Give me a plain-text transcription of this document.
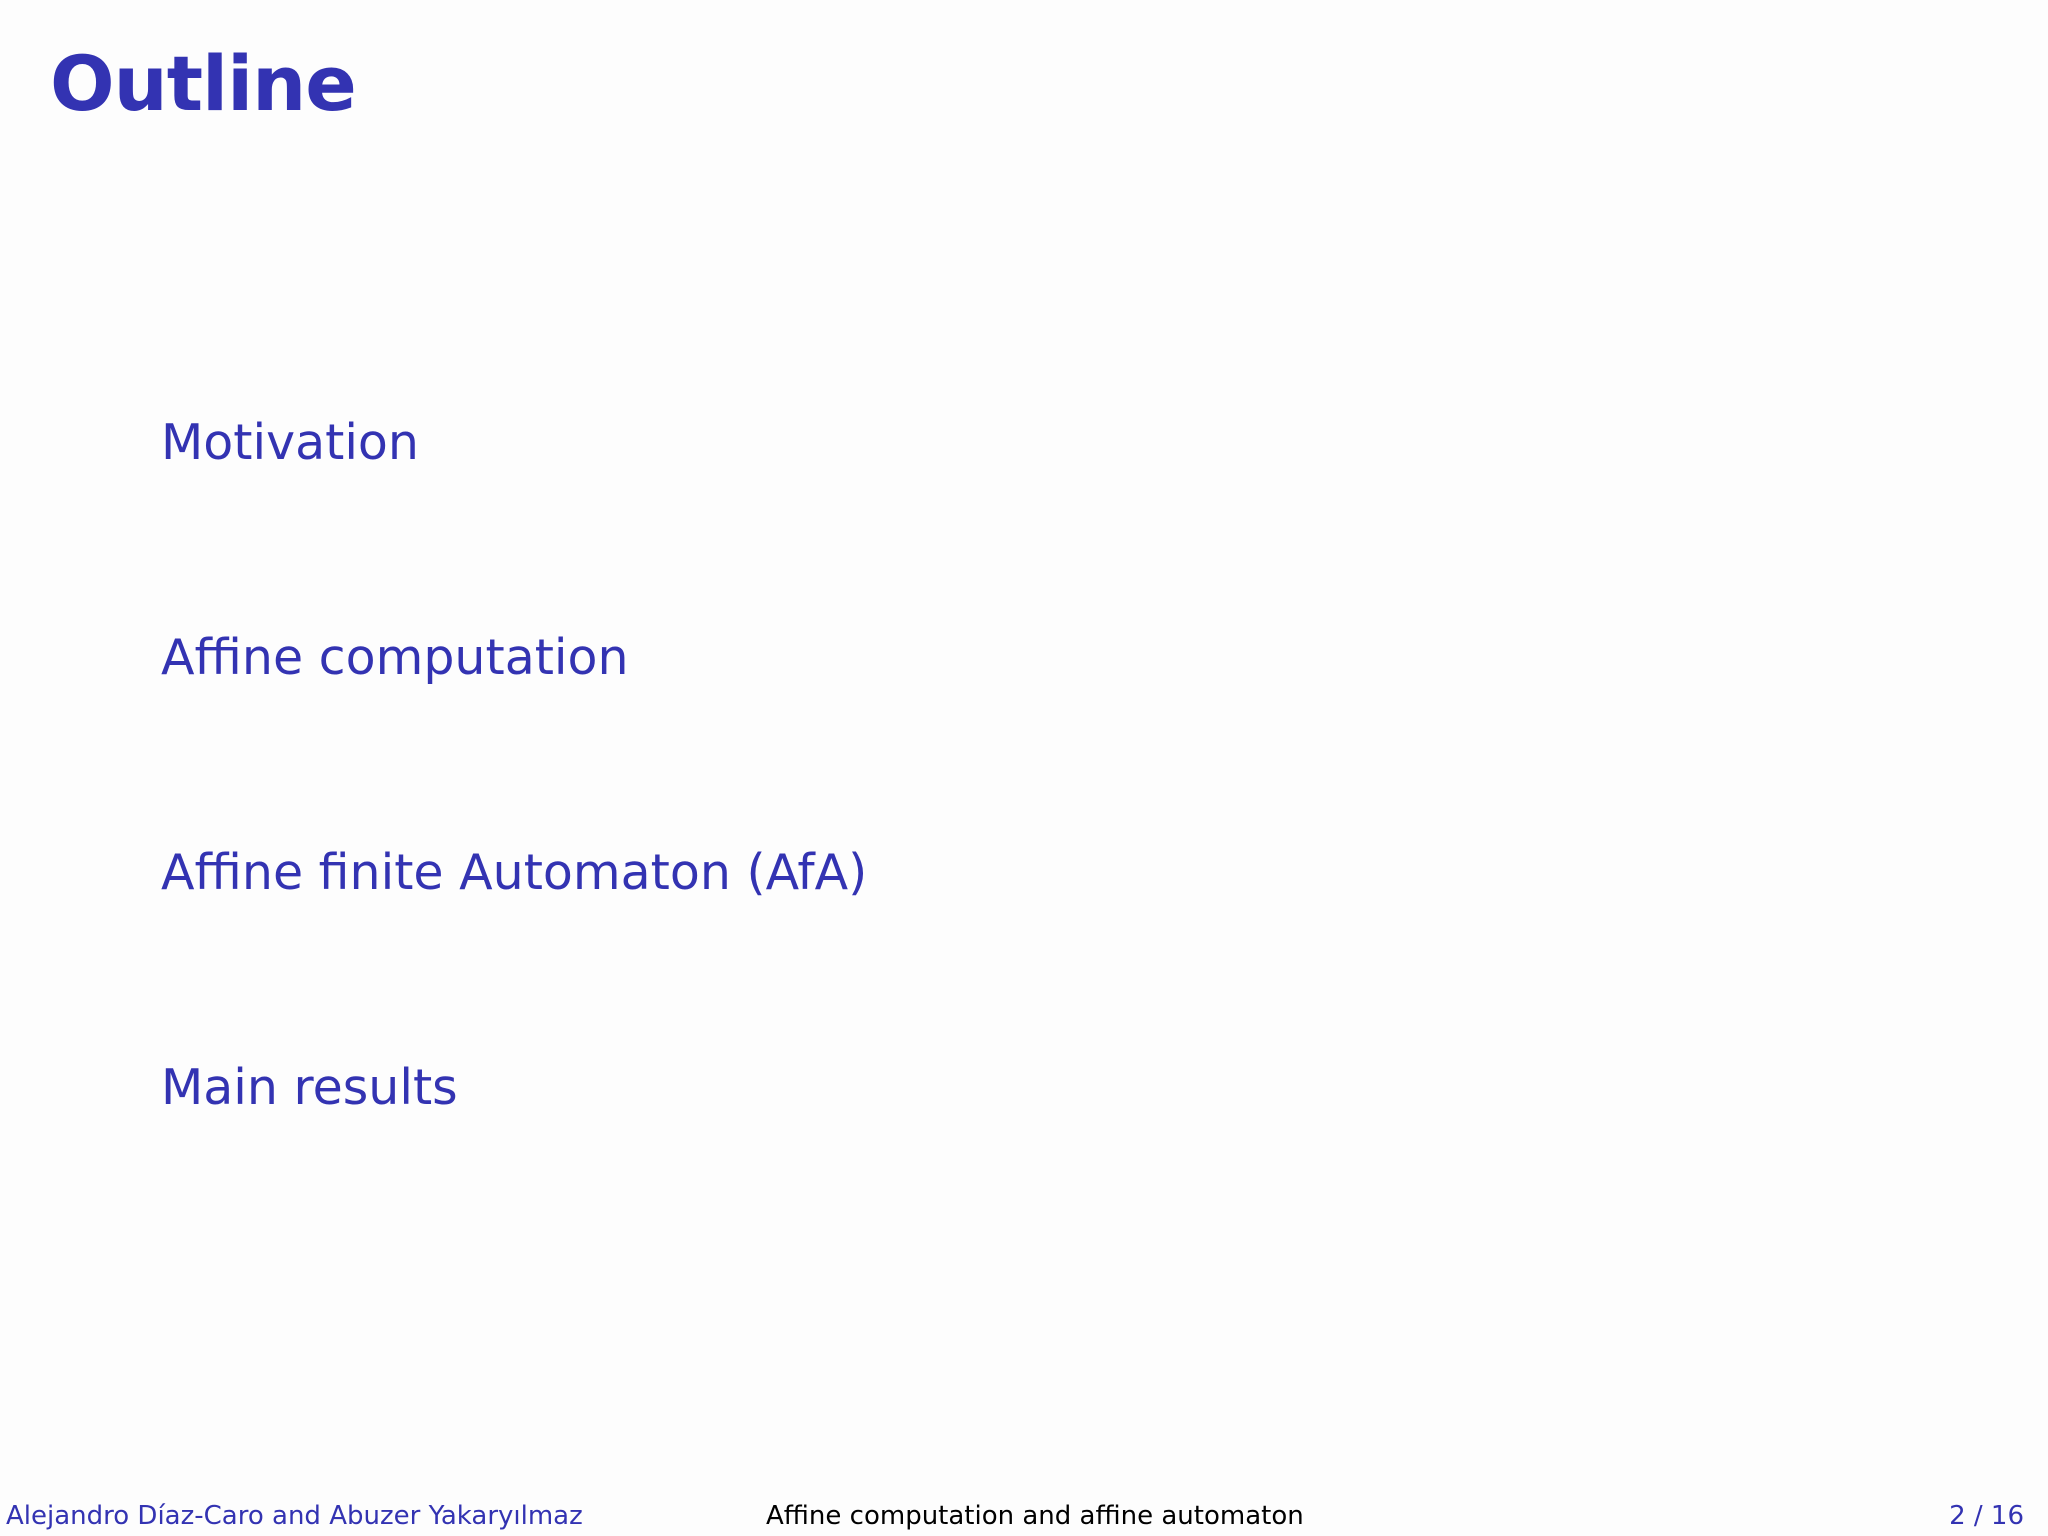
Outline
Motivation
Affine computation
Affine finite Automaton (AfA)
Main results
Alejandro Díaz-Caro and Abuzer Yakaryılmaz	Affine computation and affine automaton	2 / 16
